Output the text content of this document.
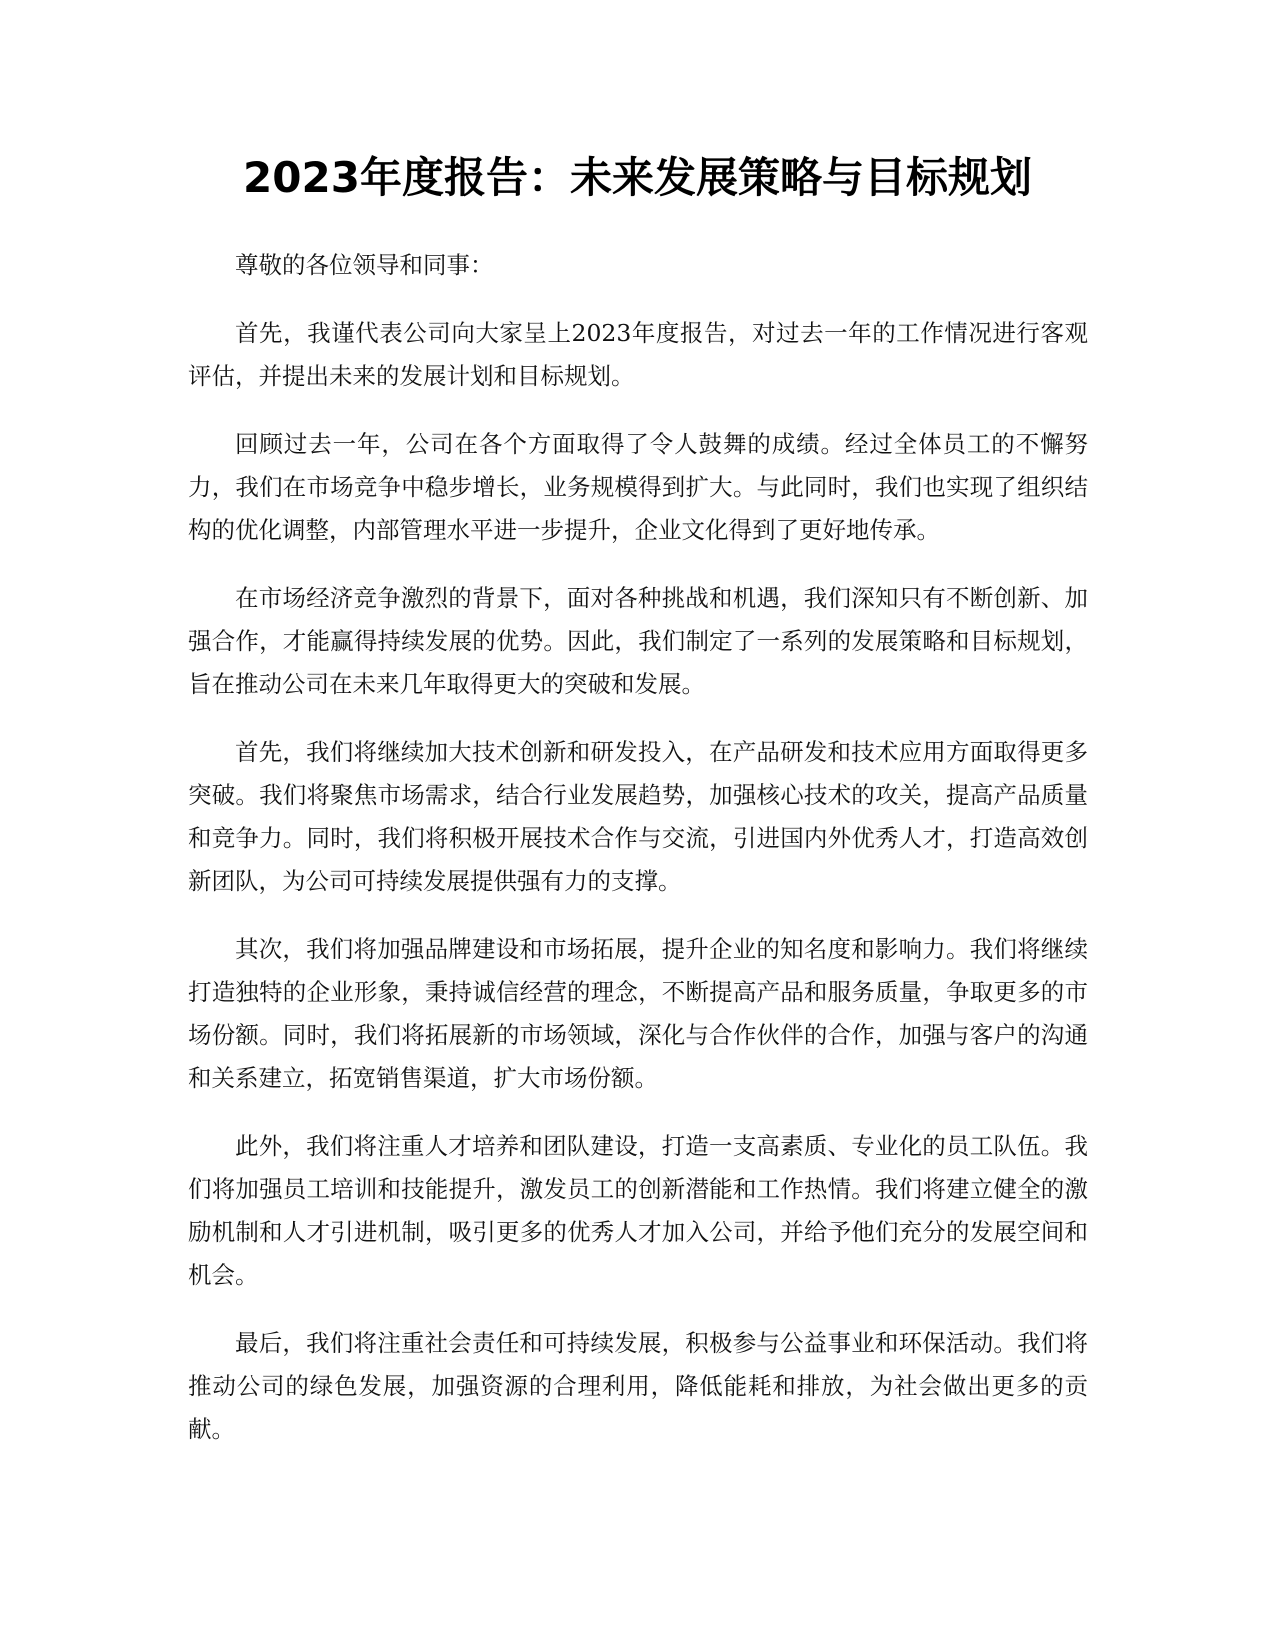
2023年度报告：未来发展策略与目标规划

尊敬的各位领导和同事：

首先，我谨代表公司向大家呈上2023年度报告，对过去一年的工作情况进行客观评估，并提出未来的发展计划和目标规划。

回顾过去一年，公司在各个方面取得了令人鼓舞的成绩。经过全体员工的不懈努力，我们在市场竞争中稳步增长，业务规模得到扩大。与此同时，我们也实现了组织结构的优化调整，内部管理水平进一步提升，企业文化得到了更好地传承。

在市场经济竞争激烈的背景下，面对各种挑战和机遇，我们深知只有不断创新、加强合作，才能赢得持续发展的优势。因此，我们制定了一系列的发展策略和目标规划，旨在推动公司在未来几年取得更大的突破和发展。

首先，我们将继续加大技术创新和研发投入，在产品研发和技术应用方面取得更多突破。我们将聚焦市场需求，结合行业发展趋势，加强核心技术的攻关，提高产品质量和竞争力。同时，我们将积极开展技术合作与交流，引进国内外优秀人才，打造高效创新团队，为公司可持续发展提供强有力的支撑。

其次，我们将加强品牌建设和市场拓展，提升企业的知名度和影响力。我们将继续打造独特的企业形象，秉持诚信经营的理念，不断提高产品和服务质量，争取更多的市场份额。同时，我们将拓展新的市场领域，深化与合作伙伴的合作，加强与客户的沟通和关系建立，拓宽销售渠道，扩大市场份额。

此外，我们将注重人才培养和团队建设，打造一支高素质、专业化的员工队伍。我们将加强员工培训和技能提升，激发员工的创新潜能和工作热情。我们将建立健全的激励机制和人才引进机制，吸引更多的优秀人才加入公司，并给予他们充分的发展空间和机会。

最后，我们将注重社会责任和可持续发展，积极参与公益事业和环保活动。我们将推动公司的绿色发展，加强资源的合理利用，降低能耗和排放，为社会做出更多的贡献。
